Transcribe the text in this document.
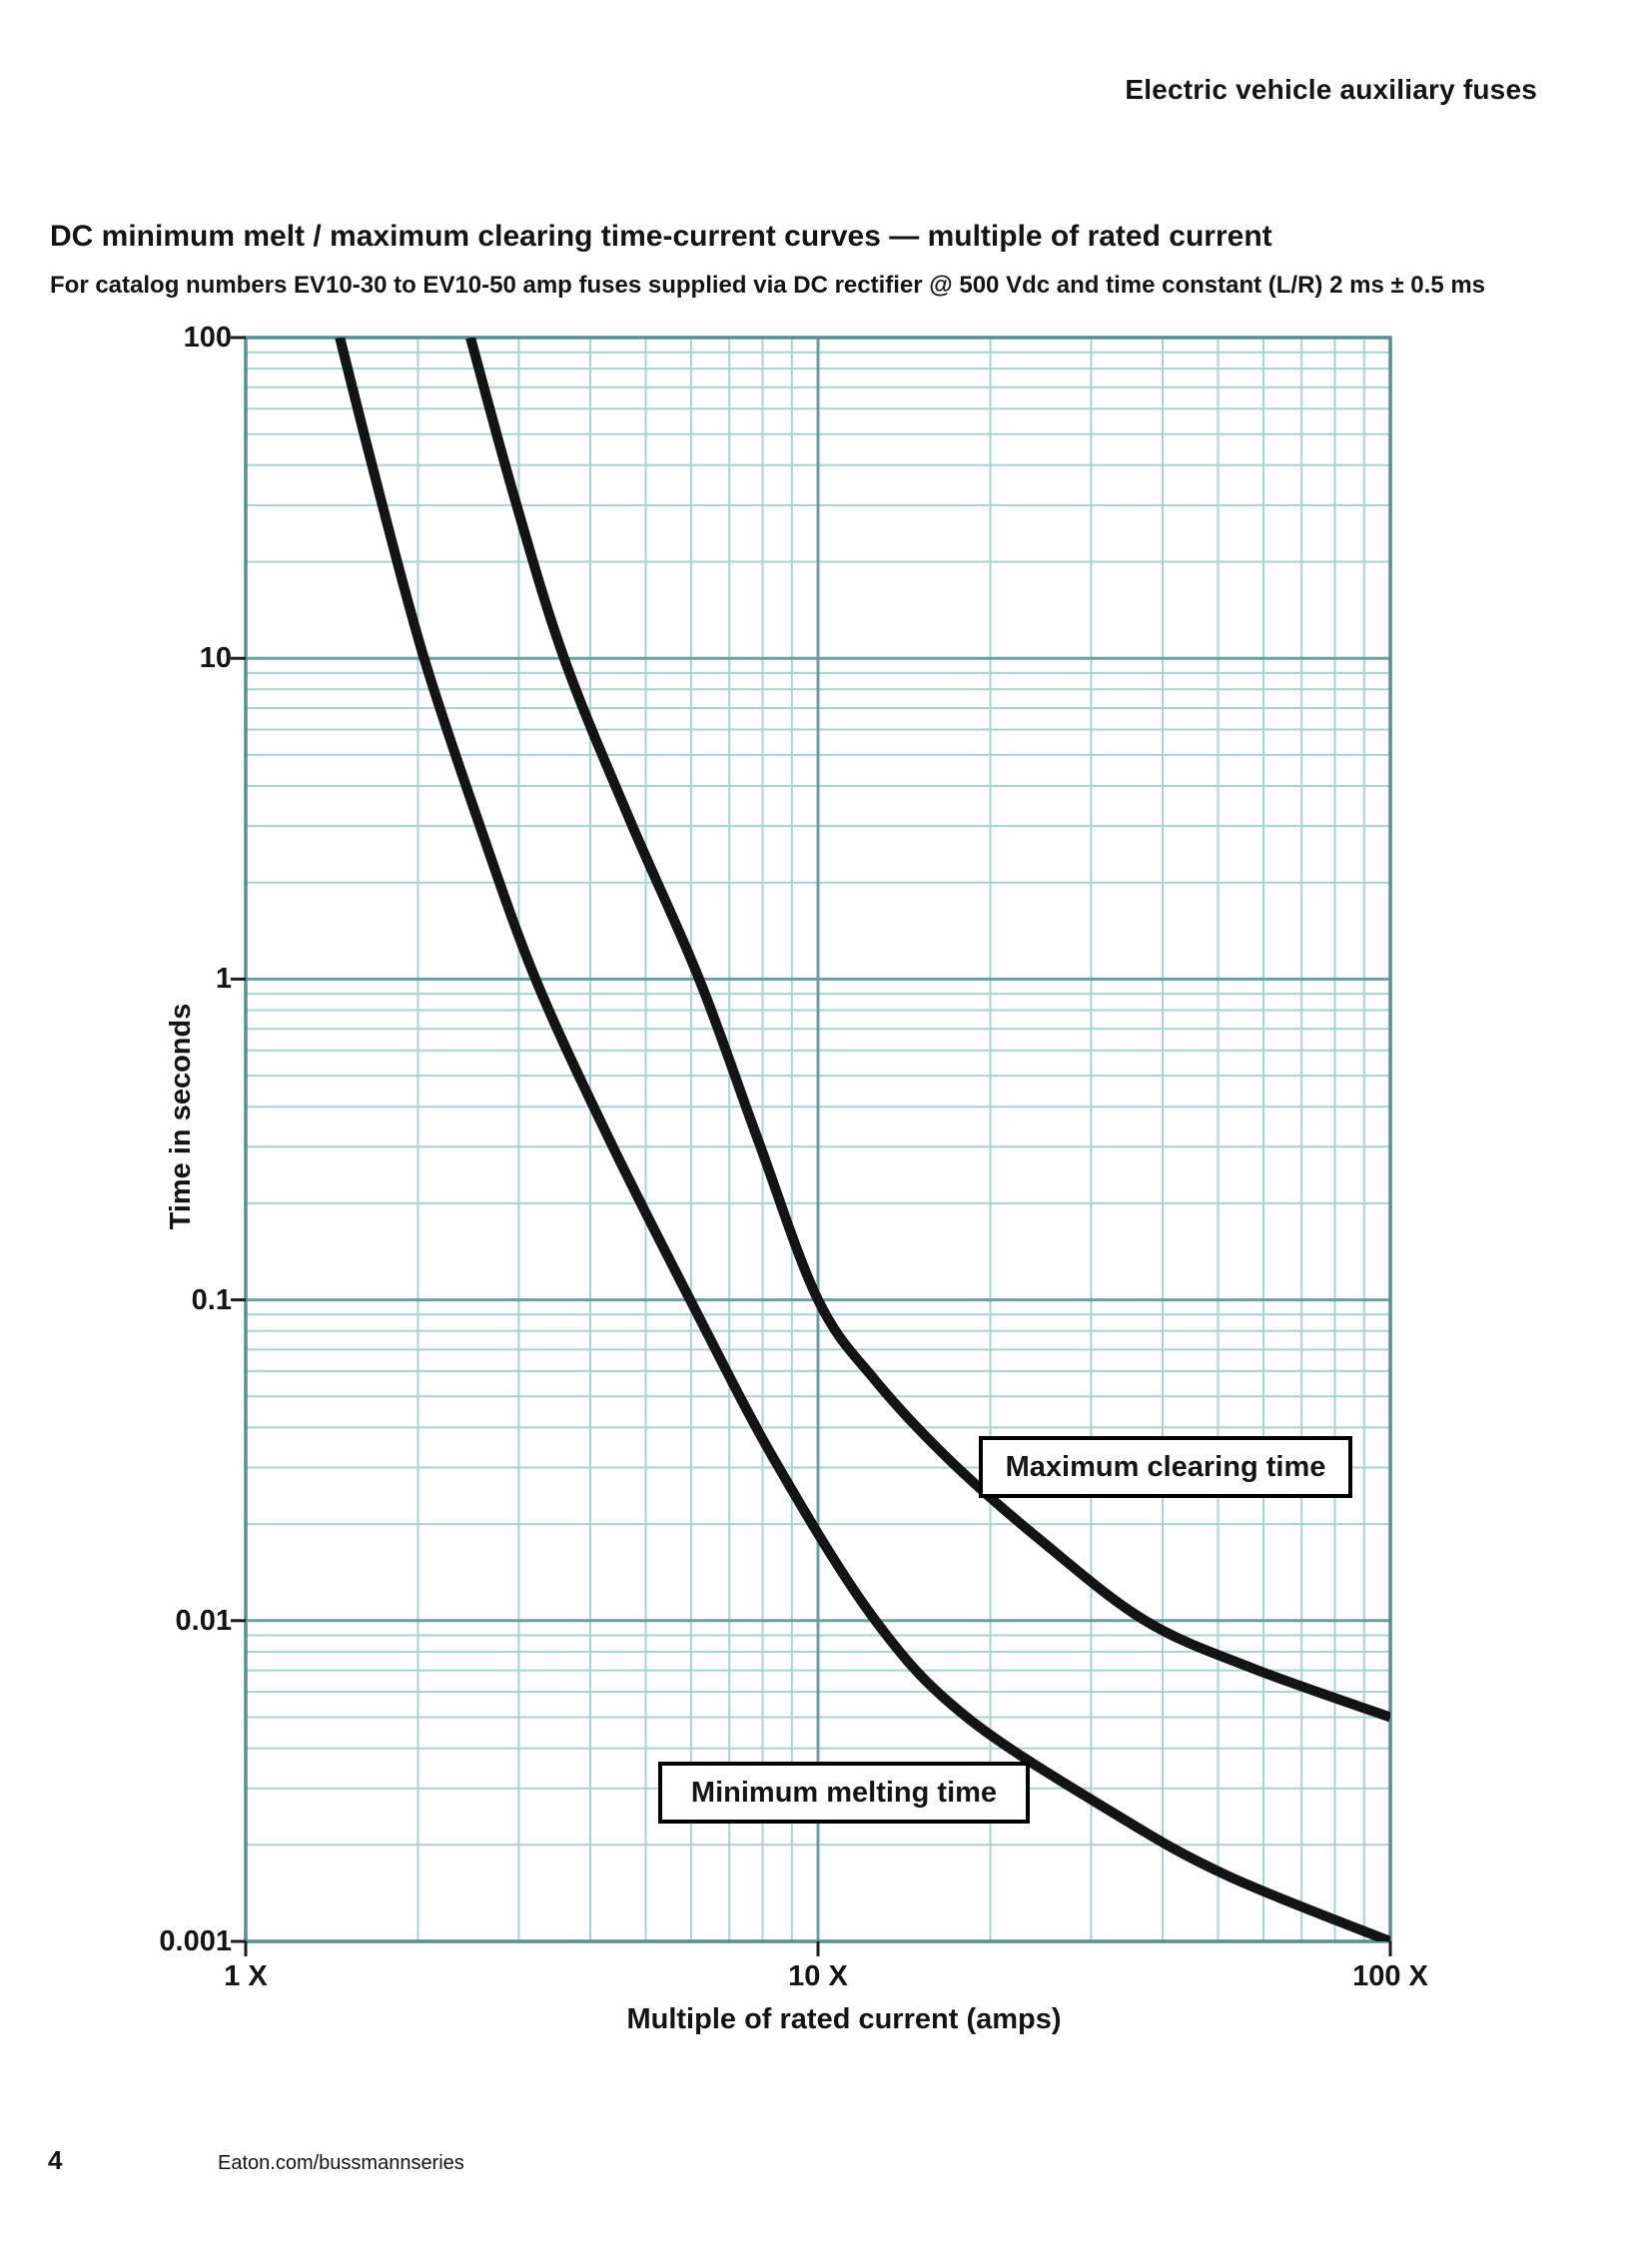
Electric vehicle auxiliary fuses
DC minimum melt / maximum clearing time-current curves — multiple of rated current
For catalog numbers EV10-30 to EV10-50 amp fuses supplied via DC rectifier @ 500 Vdc and time constant (L/R) 2 ms ± 0.5 ms
100
10
1
0.1
0.01
0.001
1 X	10 X	100 X
Time in seconds
Multiple of rated current (amps)
Maximum clearing time
Minimum melting time
4	Eaton.com/bussmannseries
